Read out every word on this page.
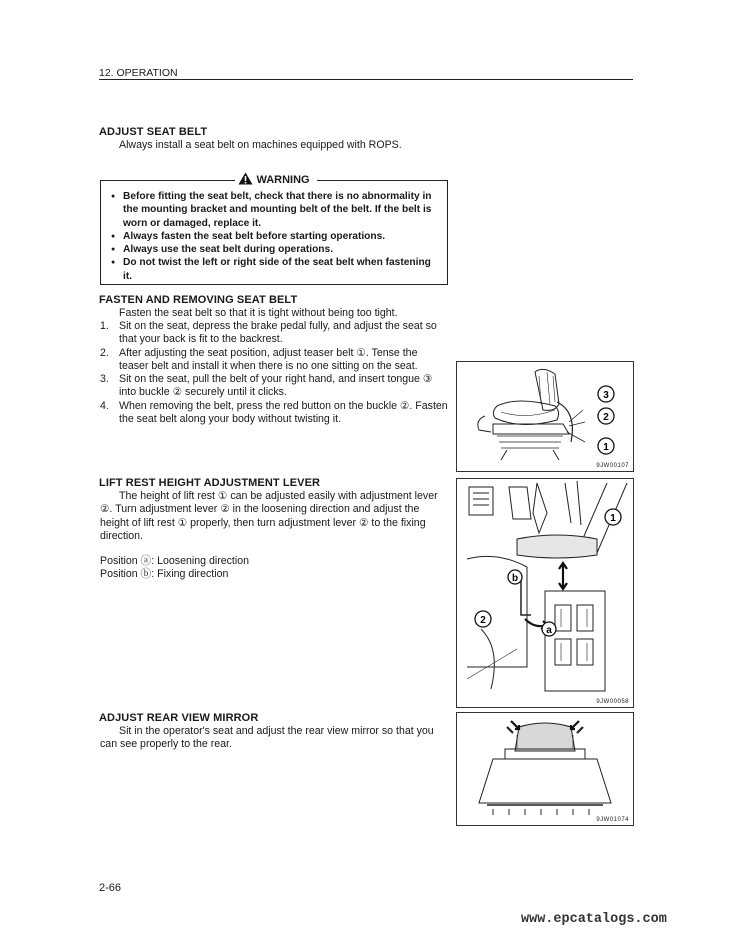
12. OPERATION
ADJUST SEAT BELT
Always install a seat belt on machines equipped with ROPS.
WARNING
● Before fitting the seat belt, check that there is no abnormality in the mounting bracket and mounting belt of the belt. If the belt is worn or damaged, replace it.
● Always fasten the seat belt before starting operations.
● Always use the seat belt during operations.
● Do not twist the left or right side of the seat belt when fastening it.
FASTEN AND REMOVING SEAT BELT
Fasten the seat belt so that it is tight without being too tight.
1. Sit on the seat, depress the brake pedal fully, and adjust the seat so that your back is fit to the backrest.
2. After adjusting the seat position, adjust teaser belt ①. Tense the teaser belt and install it when there is no one sitting on the seat.
3. Sit on the seat, pull the belt of your right hand, and insert tongue ③ into buckle ② securely until it clicks.
4. When removing the belt, press the red button on the buckle ②. Fasten the seat belt along your body without twisting it.
3
2
1
9JW00107
LIFT REST HEIGHT ADJUSTMENT LEVER
The height of lift rest ① can be adjusted easily with adjustment lever ②. Turn adjustment lever ② in the loosening direction and adjust the height of lift rest ① properly, then turn adjustment lever ② to the fixing direction.
Position ⓐ: Loosening direction
Position ⓑ: Fixing direction
1
2
a
b
9JW00058
ADJUST REAR VIEW MIRROR
Sit in the operator's seat and adjust the rear view mirror so that you can see properly to the rear.
9JW01074
2-66
www.epcatalogs.com
